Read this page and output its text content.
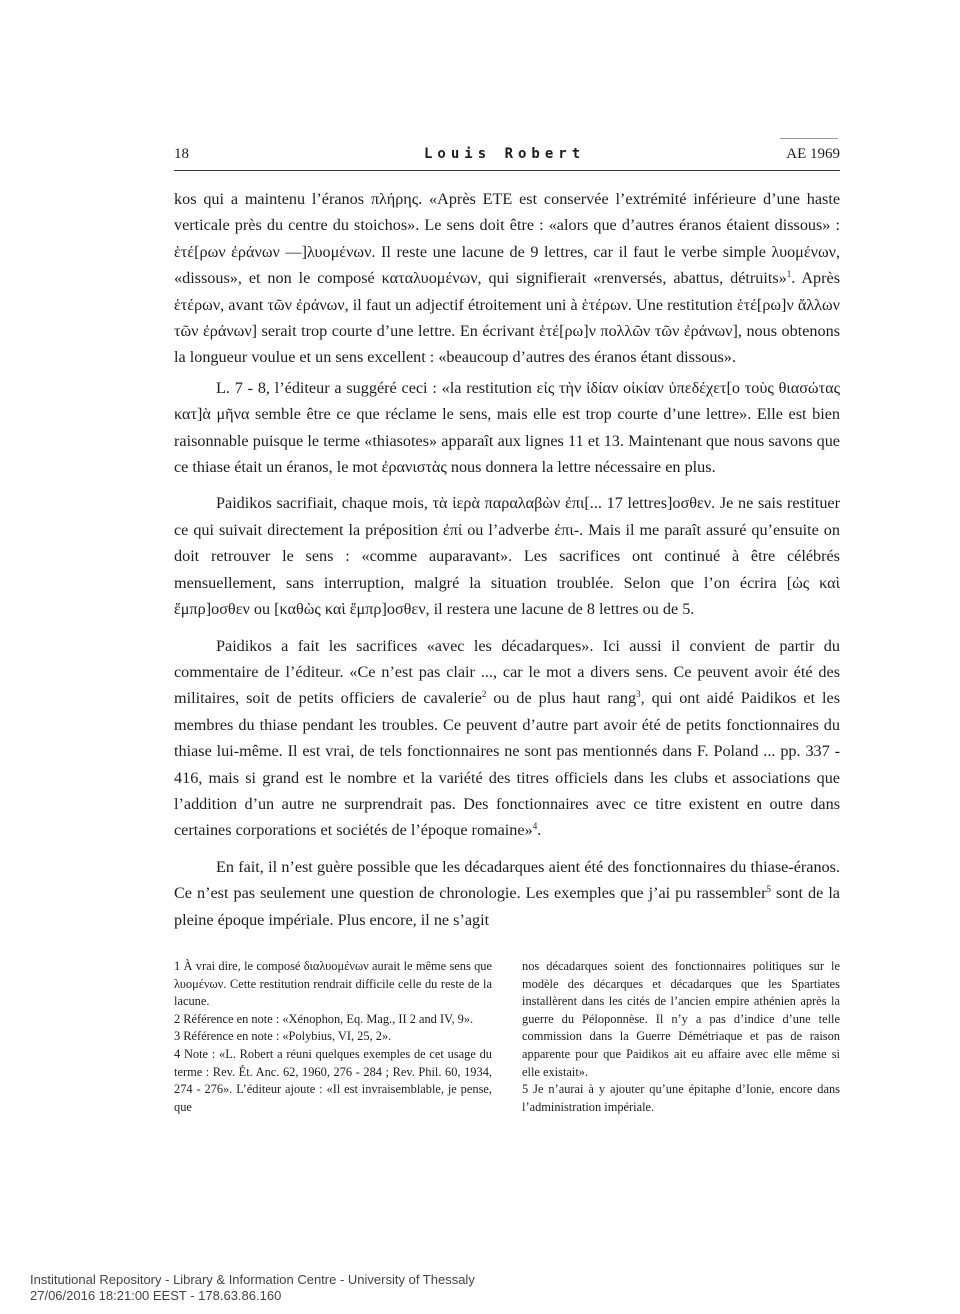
18	Louis Robert	ΑΕ 1969

kos qui a maintenu l’éranos πλήρης. «Après ETE est conservée l’extrémité inférieure d’une haste verticale près du centre du stoichos». Le sens doit être : «alors que d’autres éranos étaient dissous» : ἑτέ[ρων ἐράνων —]λυομένων. Il reste une lacune de 9 lettres, car il faut le verbe simple λυομένων, «dissous», et non le composé καταλυομένων, qui signifierait «renversés, abattus, détruits»$^1$. Après ἑτέρων, avant τῶν ἐράνων, il faut un adjectif étroitement uni à ἑτέρων. Une restitution ἑτέ[ρω]ν ἄλλων τῶν ἐράνων] serait trop courte d’une lettre. En écrivant ἑτέ[ρω]ν πολλῶν τῶν ἐράνων], nous obtenons la longueur voulue et un sens excellent : «beaucoup d’autres des éranos étant dissous».

L. 7 - 8, l’éditeur a suggéré ceci : «la restitution εἰς τὴν ἰδίαν οἰκίαν ὑπεδέχετ[ο τοὺς θιασώτας κατ]ὰ μῆνα semble être ce que réclame le sens, mais elle est trop courte d’une lettre». Elle est bien raisonnable puisque le terme «thiasotes» apparaît aux lignes 11 et 13. Maintenant que nous savons que ce thiase était un éranos, le mot ἐρανιστὰς nous donnera la lettre nécessaire en plus.

Paidikos sacrifiait, chaque mois, τὰ ἱερὰ παραλαβὼν ἐπι[... 17 lettres]οσθεν. Je ne sais restituer ce qui suivait directement la préposition ἐπί ou l’adverbe ἐπι-. Mais il me paraît assuré qu’ensuite on doit retrouver le sens : «comme auparavant». Les sacrifices ont continué à être célébrés mensuellement, sans interruption, malgré la situation troublée. Selon que l’on écrira [ὡς καὶ ἔμπρ]οσθεν ou [καθὼς καὶ ἔμπρ]οσθεν, il restera une lacune de 8 lettres ou de 5.

Paidikos a fait les sacrifices «avec les décadarques». Ici aussi il convient de partir du commentaire de l’éditeur. «Ce n’est pas clair ..., car le mot a divers sens. Ce peuvent avoir été des militaires, soit de petits officiers de cavalerie$^2$ ou de plus haut rang$^3$, qui ont aidé Paidikos et les membres du thiase pendant les troubles. Ce peuvent d’autre part avoir été de petits fonctionnaires du thiase lui-même. Il est vrai, de tels fonctionnaires ne sont pas mentionnés dans F. Poland ... pp. 337 - 416, mais si grand est le nombre et la variété des titres officiels dans les clubs et associations que l’addition d’un autre ne surprendrait pas. Des fonctionnaires avec ce titre existent en outre dans certaines corporations et sociétés de l’époque romaine»$^4$.

En fait, il n’est guère possible que les décadarques aient été des fonctionnaires du thiase-éranos. Ce n’est pas seulement une question de chronologie. Les exemples que j’ai pu rassembler$^5$ sont de la pleine époque impériale. Plus encore, il ne s’agit

1 À vrai dire, le composé διαλυομένων aurait le même sens que λυομένων. Cette restitution rendrait difficile celle du reste de la lacune.

2 Référence en note : «Xénophon, Eq. Mag., II 2 and IV, 9».

3 Référence en note : «Polybius, VI, 25, 2».

4 Note : «L. Robert a réuni quelques exemples de cet usage du terme : Rev. Ét. Anc. 62, 1960, 276 - 284 ; Rev. Phil. 60, 1934, 274 - 276». L’éditeur ajoute : «Il est invraisemblable, je pense, que

nos décadarques soient des fonctionnaires politiques sur le modèle des décarques et décadarques que les Spartiates installèrent dans les cités de l’ancien empire athénien après la guerre du Péloponnèse. Il n’y a pas d’indice d’une telle commission dans la Guerre Démétriaque et pas de raison apparente pour que Paidikos ait eu affaire avec elle même si elle existait».

5 Je n’aurai à y ajouter qu’une épitaphe d’Ionie, encore dans l’administration impériale.

Institutional Repository - Library & Information Centre - University of Thessaly
27/06/2016 18:21:00 EEST - 178.63.86.160
